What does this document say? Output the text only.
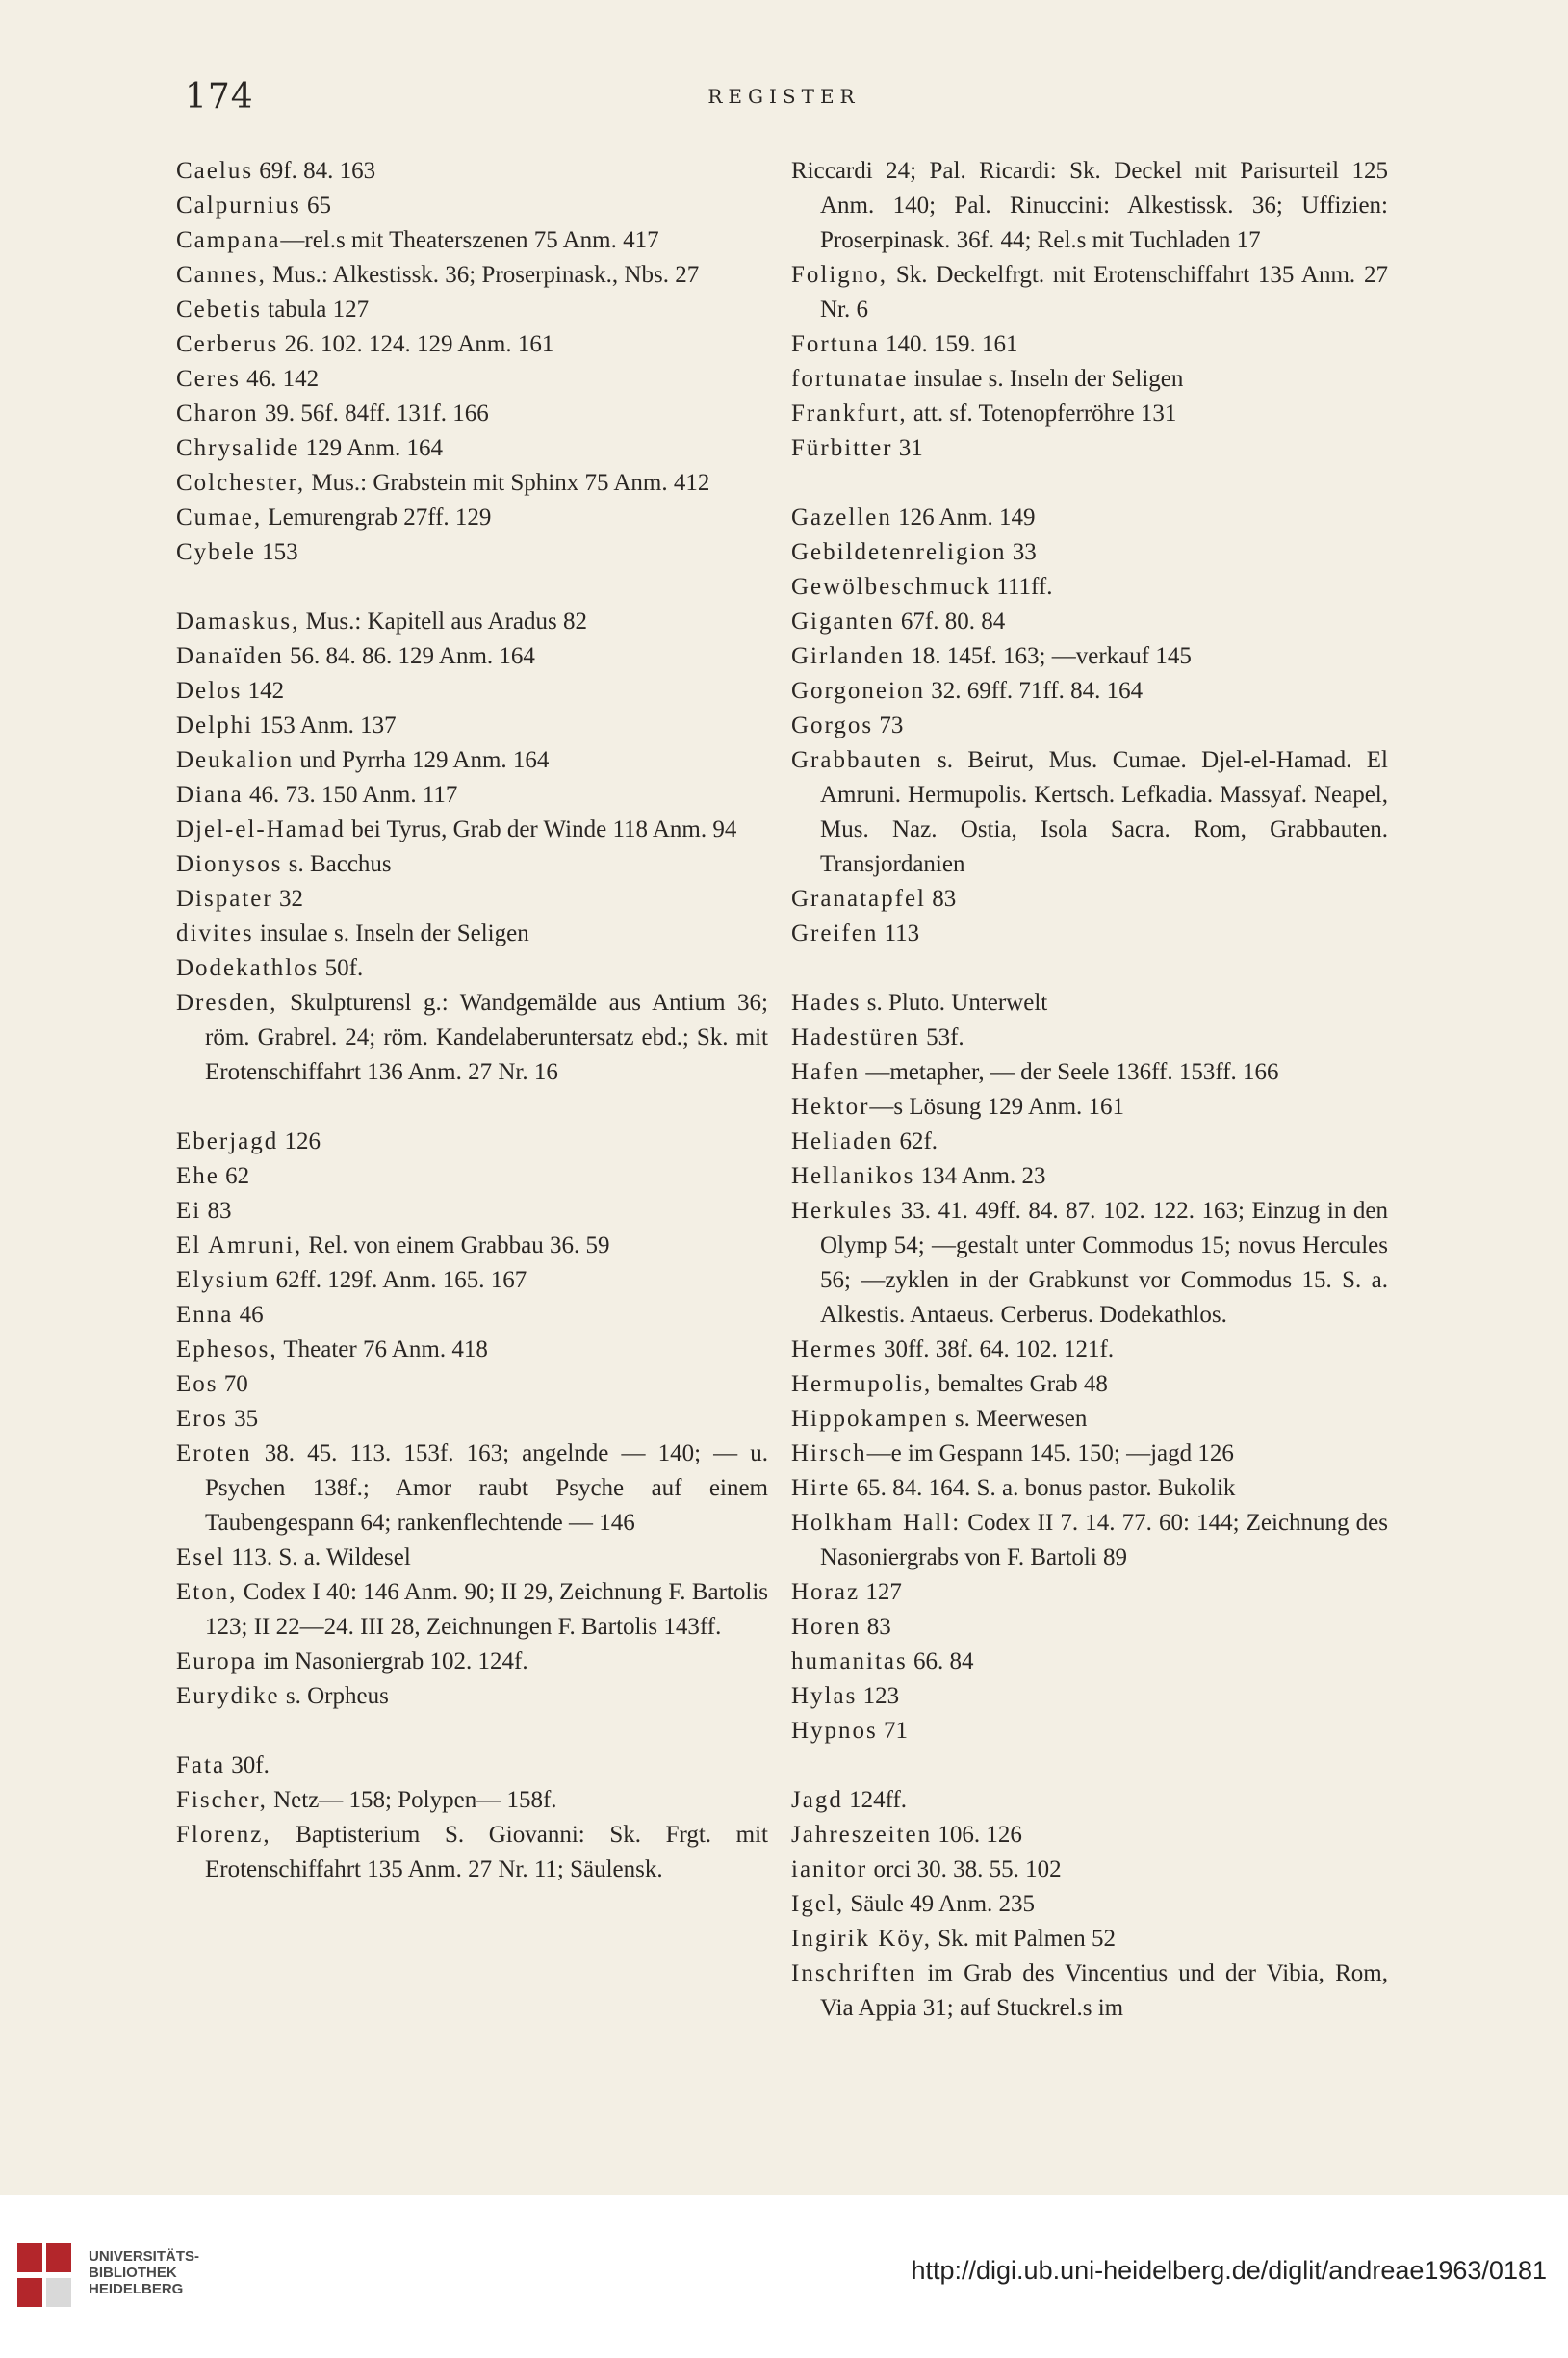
174	REGISTER
Caelus 69f. 84. 163
Calpurnius 65
Campana—rel.s mit Theaterszenen 75 Anm. 417
Cannes, Mus.: Alkestissk. 36; Proserpinask., Nbs. 27
Cebetis tabula 127
Cerberus 26. 102. 124. 129 Anm. 161
Ceres 46. 142
Charon 39. 56f. 84ff. 131f. 166
Chrysalide 129 Anm. 164
Colchester, Mus.: Grabstein mit Sphinx 75 Anm. 412
Cumae, Lemurengrab 27ff. 129
Cybele 153
Damaskus, Mus.: Kapitell aus Aradus 82
Danaïden 56. 84. 86. 129 Anm. 164
Delos 142
Delphi 153 Anm. 137
Deukalion und Pyrrha 129 Anm. 164
Diana 46. 73. 150 Anm. 117
Djel-el-Hamad bei Tyrus, Grab der Winde 118 Anm. 94
Dionysos s. Bacchus
Dispater 32
divites insulae s. Inseln der Seligen
Dodekathlos 50f.
Dresden, Skulpturensl g.: Wandgemälde aus Antium 36; röm. Grabrel. 24; röm. Kandelaberuntersatz ebd.; Sk. mit Erotenschiffahrt 136 Anm. 27 Nr. 16
Eberjagd 126
Ehe 62
Ei 83
El Amruni, Rel. von einem Grabbau 36. 59
Elysium 62ff. 129f. Anm. 165. 167
Enna 46
Ephesos, Theater 76 Anm. 418
Eos 70
Eros 35
Eroten 38. 45. 113. 153f. 163; angelnde — 140; — u. Psychen 138f.; Amor raubt Psyche auf einem Taubengespann 64; rankenflechtende — 146
Esel 113. S. a. Wildesel
Eton, Codex I 40: 146 Anm. 90; II 29, Zeichnung F. Bartolis 123; II 22—24. III 28, Zeichnungen F. Bartolis 143ff.
Europa im Nasoniergrab 102. 124f.
Eurydike s. Orpheus
Fata 30f.
Fischer, Netz— 158; Polypen— 158f.
Florenz, Baptisterium S. Giovanni: Sk. Frgt. mit Erotenschiffahrt 135 Anm. 27 Nr. 11; Säulensk.
Riccardi 24; Pal. Ricardi: Sk. Deckel mit Parisurteil 125 Anm. 140; Pal. Rinuccini: Alkestissk. 36; Uffizien: Proserpinask. 36f. 44; Rel.s mit Tuchladen 17
Foligno, Sk. Deckelfrgt. mit Erotenschiffahrt 135 Anm. 27 Nr. 6
Fortuna 140. 159. 161
fortunatae insulae s. Inseln der Seligen
Frankfurt, att. sf. Totenopferröhre 131
Fürbitter 31
Gazellen 126 Anm. 149
Gebildetenreligion 33
Gewölbeschmuck 111ff.
Giganten 67f. 80. 84
Girlanden 18. 145f. 163; —verkauf 145
Gorgoneion 32. 69ff. 71ff. 84. 164
Gorgos 73
Grabbauten s. Beirut, Mus. Cumae. Djel-el-Hamad. El Amruni. Hermupolis. Kertsch. Lefkadia. Massyaf. Neapel, Mus. Naz. Ostia, Isola Sacra. Rom, Grabbauten. Transjordanien
Granatapfel 83
Greifen 113
Hades s. Pluto. Unterwelt
Hadestüren 53f.
Hafen —metapher, — der Seele 136ff. 153ff. 166
Hektor—s Lösung 129 Anm. 161
Heliaden 62f.
Hellanikos 134 Anm. 23
Herkules 33. 41. 49ff. 84. 87. 102. 122. 163; Einzug in den Olymp 54; —gestalt unter Commodus 15; novus Hercules 56; —zyklen in der Grabkunst vor Commodus 15. S. a. Alkestis. Antaeus. Cerberus. Dodekathlos.
Hermes 30ff. 38f. 64. 102. 121f.
Hermupolis, bemaltes Grab 48
Hippokampen s. Meerwesen
Hirsch—e im Gespann 145. 150; —jagd 126
Hirte 65. 84. 164. S. a. bonus pastor. Bukolik
Holkham Hall: Codex II 7. 14. 77. 60: 144; Zeichnung des Nasoniergrabs von F. Bartoli 89
Horaz 127
Horen 83
humanitas 66. 84
Hylas 123
Hypnos 71
Jagd 124ff.
Jahreszeiten 106. 126
ianitor orci 30. 38. 55. 102
Igel, Säule 49 Anm. 235
Ingirik Köy, Sk. mit Palmen 52
Inschriften im Grab des Vincentius und der Vibia, Rom, Via Appia 31; auf Stuckrel.s im
UNIVERSITÄTS-
BIBLIOTHEK
HEIDELBERG
http://digi.ub.uni-heidelberg.de/diglit/andreae1963/0181
